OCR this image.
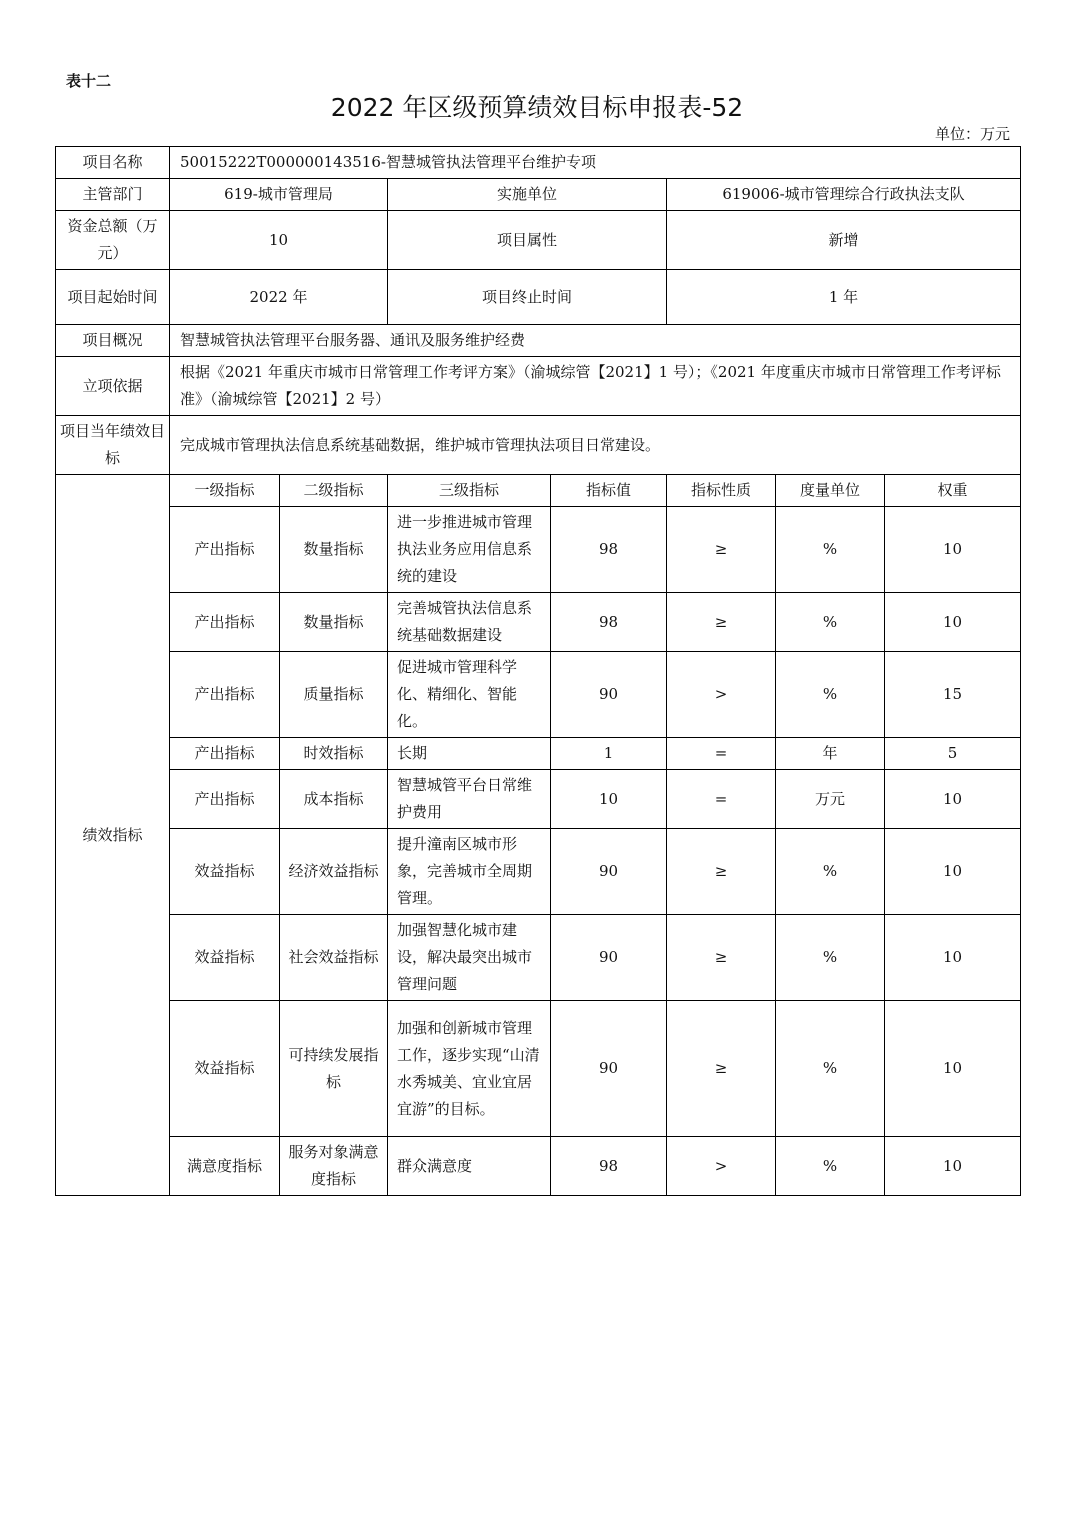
表十二
2022 年区级预算绩效目标申报表-52
单位：万元
项目名称	50015222T000000143516-智慧城管执法管理平台维护专项						
主管部门	619-城市管理局		实施单位		619006-城市管理综合行政执法支队		
资金总额（万元）	10		项目属性		新增		
项目起始时间	2022 年		项目终止时间		1 年		
项目概况	智慧城管执法管理平台服务器、通讯及服务维护经费						
立项依据	根据《2021 年重庆市城市日常管理工作考评方案》（渝城综管【2021】1 号）；《2021 年度重庆市城市日常管理工作考评标准》（渝城综管【2021】2 号）						
项目当年绩效目标	完成城市管理执法信息系统基础数据，维护城市管理执法项目日常建设。						
绩效指标	一级指标	二级指标	三级指标	指标值	指标性质	度量单位	权重
	产出指标	数量指标	进一步推进城市管理执法业务应用信息系统的建设	98	≥	%	10
	产出指标	数量指标	完善城管执法信息系统基础数据建设	98	≥	%	10
	产出指标	质量指标	促进城市管理科学化、精细化、智能化。	90	>	%	15
	产出指标	时效指标	长期	1	=	年	5
	产出指标	成本指标	智慧城管平台日常维护费用	10	=	万元	10
	效益指标	经济效益指标	提升潼南区城市形象，完善城市全周期管理。	90	≥	%	10
	效益指标	社会效益指标	加强智慧化城市建设，解决最突出城市管理问题	90	≥	%	10
	效益指标	可持续发展指标	加强和创新城市管理工作，逐步实现“山清水秀城美、宜业宜居宜游”的目标。	90	≥	%	10
	满意度指标	服务对象满意度指标	群众满意度	98	>	%	10
